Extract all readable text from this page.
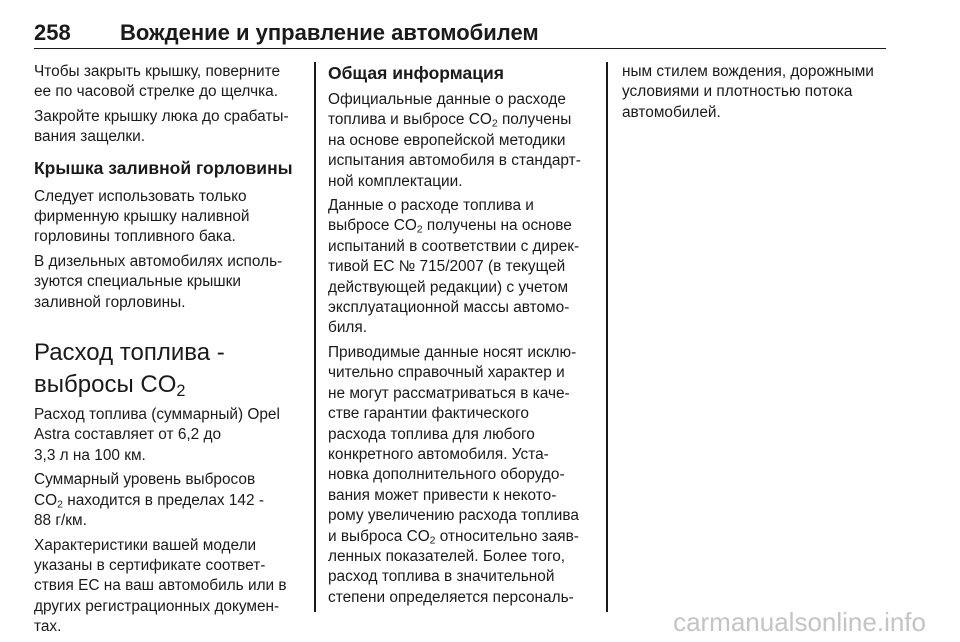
258 Вождение и управление автомобилем

Чтобы закрыть крышку, поверните
ее по часовой стрелке до щелчка.

Закройте крышку люка до срабаты-
вания защелки.

Крышка заливной горловины

Следует использовать только
фирменную крышку наливной
горловины топливного бака.

В дизельных автомобилях исполь-
зуются специальные крышки
заливной горловины.

Расход топлива -
выбросы $CO_2$

Расход топлива (суммарный) Opel
Astra составляет от 6,2 до
3,3 л на 100 км.

Суммарный уровень выбросов
$CO_2$ находится в пределах 142 -
88 г/км.

Характеристики вашей модели
указаны в сертификате соответ-
ствия ЕС на ваш автомобиль или в
других регистрационных докумен-
тах.

Общая информация

Официальные данные о расходе
топлива и выбросе $CO_2$ получены
на основе европейской методики
испытания автомобиля в стандарт-
ной комплектации.

Данные о расходе топлива и
выбросе $CO_2$ получены на основе
испытаний в соответствии с дирек-
тивой ЕС № 715/2007 (в текущей
действующей редакции) с учетом
эксплуатационной массы автомо-
биля.

Приводимые данные носят исклю-
чительно справочный характер и
не могут рассматриваться в каче-
стве гарантии фактического
расхода топлива для любого
конкретного автомобиля. Уста-
новка дополнительного оборудо-
вания может привести к некото-
рому увеличению расхода топлива
и выброса $CO_2$ относительно заяв-
ленных показателей. Более того,
расход топлива в значительной
степени определяется персональ-

ным стилем вождения, дорожными
условиями и плотностью потока
автомобилей.

carmanualsonline.info
